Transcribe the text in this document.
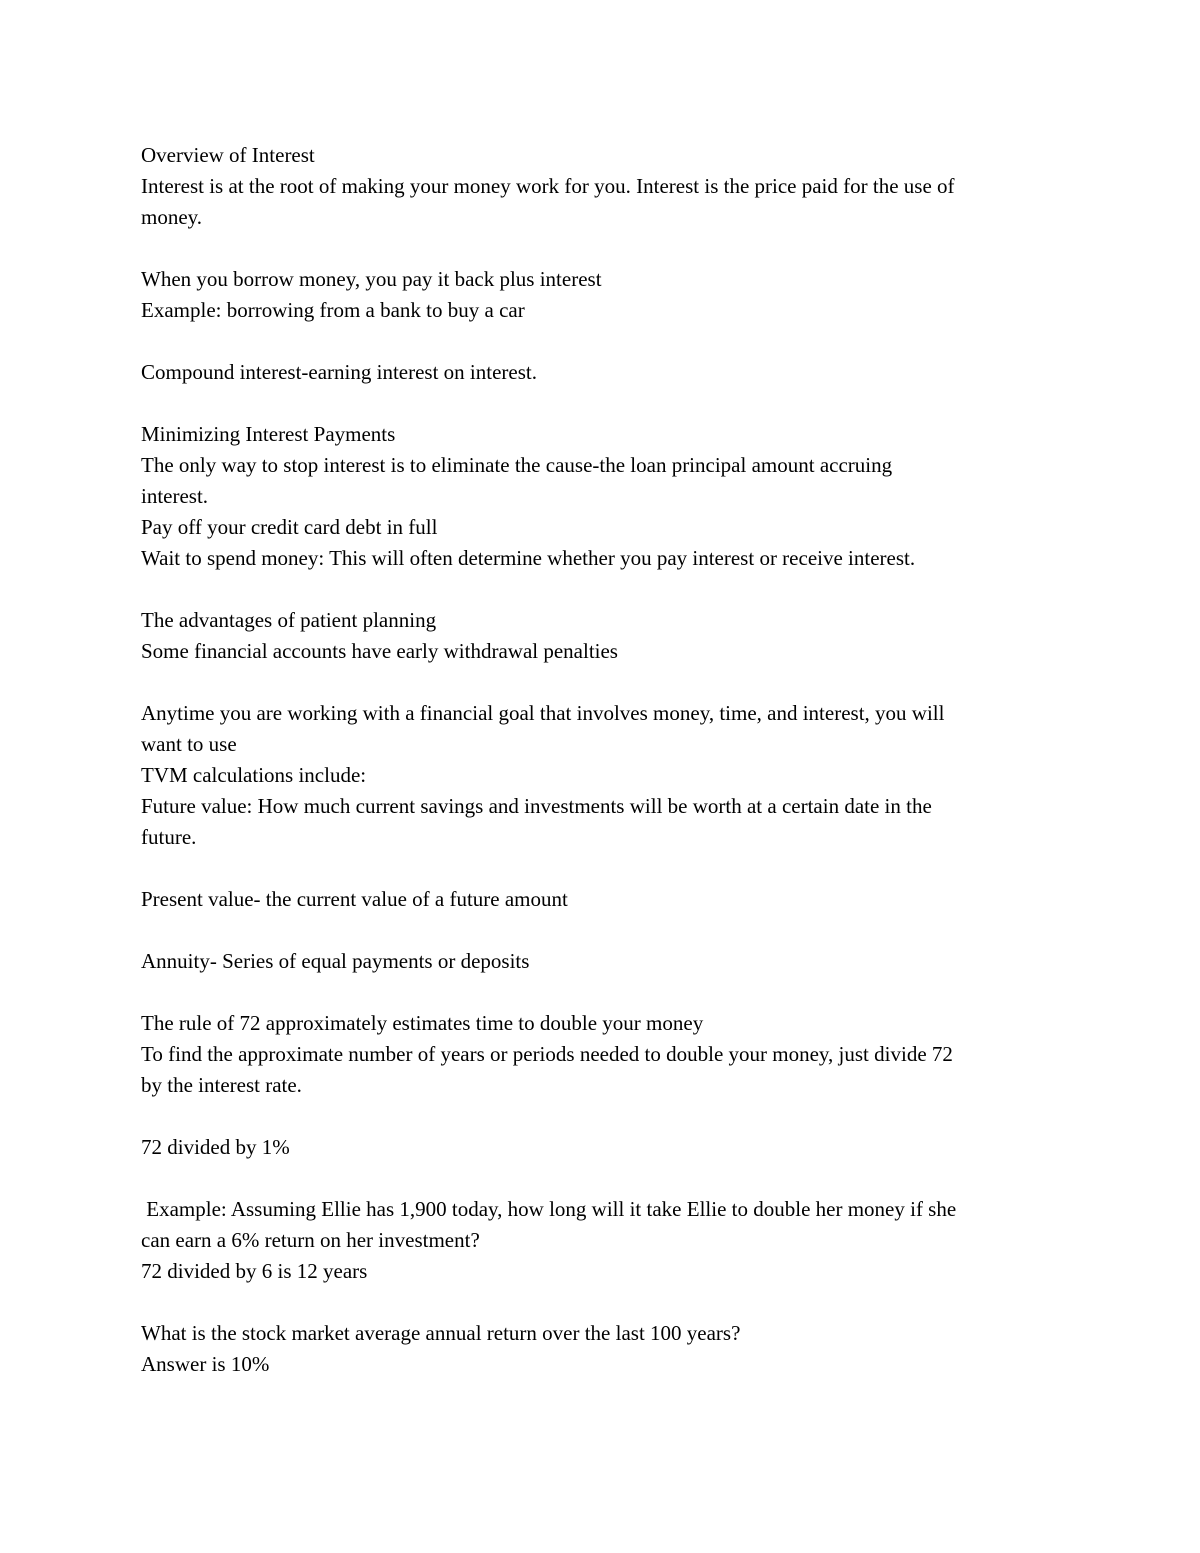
Overview of Interest
Interest is at the root of making your money work for you. Interest is the price paid for the use of
money.
When you borrow money, you pay it back plus interest
Example: borrowing from a bank to buy a car
Compound interest-earning interest on interest.
Minimizing Interest Payments
The only way to stop interest is to eliminate the cause-the loan principal amount accruing
interest.
Pay off your credit card debt in full
Wait to spend money: This will often determine whether you pay interest or receive interest.
The advantages of patient planning
Some financial accounts have early withdrawal penalties
Anytime you are working with a financial goal that involves money, time, and interest, you will
want to use
TVM calculations include:
Future value: How much current savings and investments will be worth at a certain date in the
future.
Present value- the current value of a future amount
Annuity- Series of equal payments or deposits
The rule of 72 approximately estimates time to double your money
To find the approximate number of years or periods needed to double your money, just divide 72
by the interest rate.
72 divided by 1%
Example: Assuming Ellie has 1,900 today, how long will it take Ellie to double her money if she
can earn a 6% return on her investment?
72 divided by 6 is 12 years
What is the stock market average annual return over the last 100 years?
Answer is 10%
